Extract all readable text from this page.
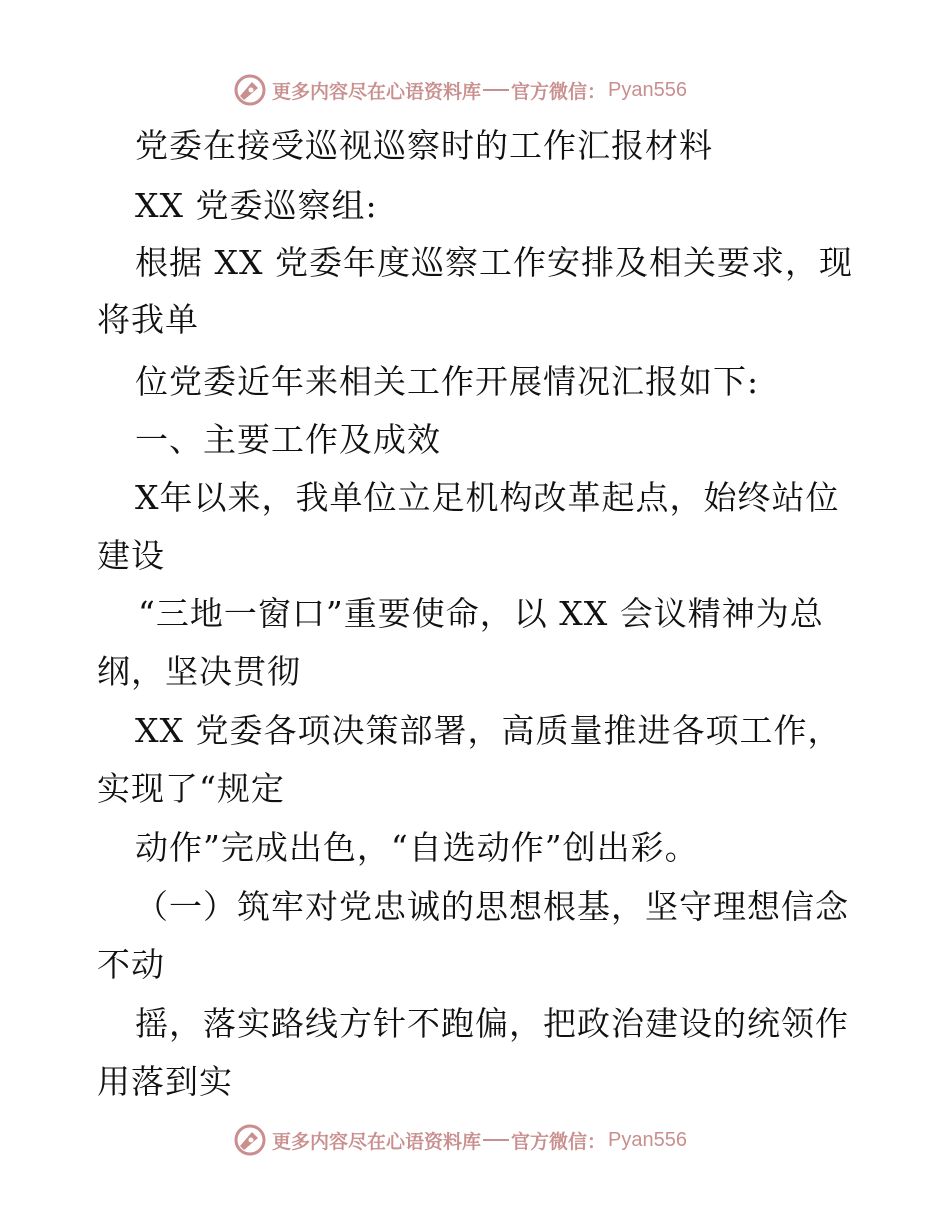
更多内容尽在心语资料库 官方微信： Pyan556
党委在接受巡视巡察时的工作汇报材料
XX 党委巡察组:
根据 XX 党委年度巡察工作安排及相关要求，现
将我单
位党委近年来相关工作开展情况汇报如下:
一、主要工作及成效
X年以来，我单位立足机构改革起点，始终站位
建设
“三地一窗口”重要使命，以 XX 会议精神为总
纲，坚决贯彻
XX 党委各项决策部署，高质量推进各项工作，
实现了“规定
动作”完成出色，“自选动作”创出彩。
（一）筑牢对党忠诚的思想根基，坚守理想信念
不动
摇，落实路线方针不跑偏，把政治建设的统领作
用落到实
更多内容尽在心语资料库 官方微信： Pyan556
